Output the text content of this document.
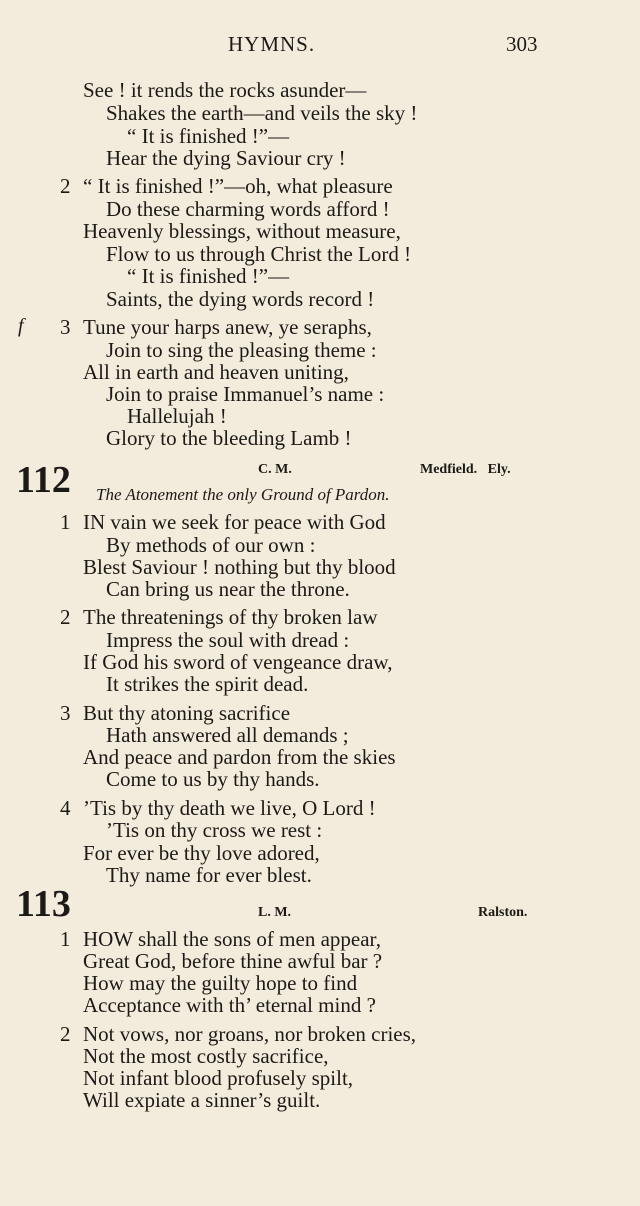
HYMNS.	303
See ! it rends the rocks asunder—
Shakes the earth—and veils the sky !
“ It is finished !”—
Hear the dying Saviour cry !
2 “ It is finished !”—oh, what pleasure
Do these charming words afford !
Heavenly blessings, without measure,
Flow to us through Christ the Lord !
“ It is finished !”—
Saints, the dying words record !
f 3 Tune your harps anew, ye seraphs,
Join to sing the pleasing theme :
All in earth and heaven uniting,
Join to praise Immanuel’s name :
Hallelujah !
Glory to the bleeding Lamb !
112	C. M.	Medfield.   Ely.
The Atonement the only Ground of Pardon.
1 IN vain we seek for peace with God
By methods of our own :
Blest Saviour ! nothing but thy blood
Can bring us near the throne.
2 The threatenings of thy broken law
Impress the soul with dread :
If God his sword of vengeance draw,
It strikes the spirit dead.
3 But thy atoning sacrifice
Hath answered all demands ;
And peace and pardon from the skies
Come to us by thy hands.
4 ’Tis by thy death we live, O Lord !
’Tis on thy cross we rest :
For ever be thy love adored,
Thy name for ever blest.
113	L. M.	Ralston.
1 HOW shall the sons of men appear,
Great God, before thine awful bar ?
How may the guilty hope to find
Acceptance with th’ eternal mind ?
2 Not vows, nor groans, nor broken cries,
Not the most costly sacrifice,
Not infant blood profusely spilt,
Will expiate a sinner’s guilt.
